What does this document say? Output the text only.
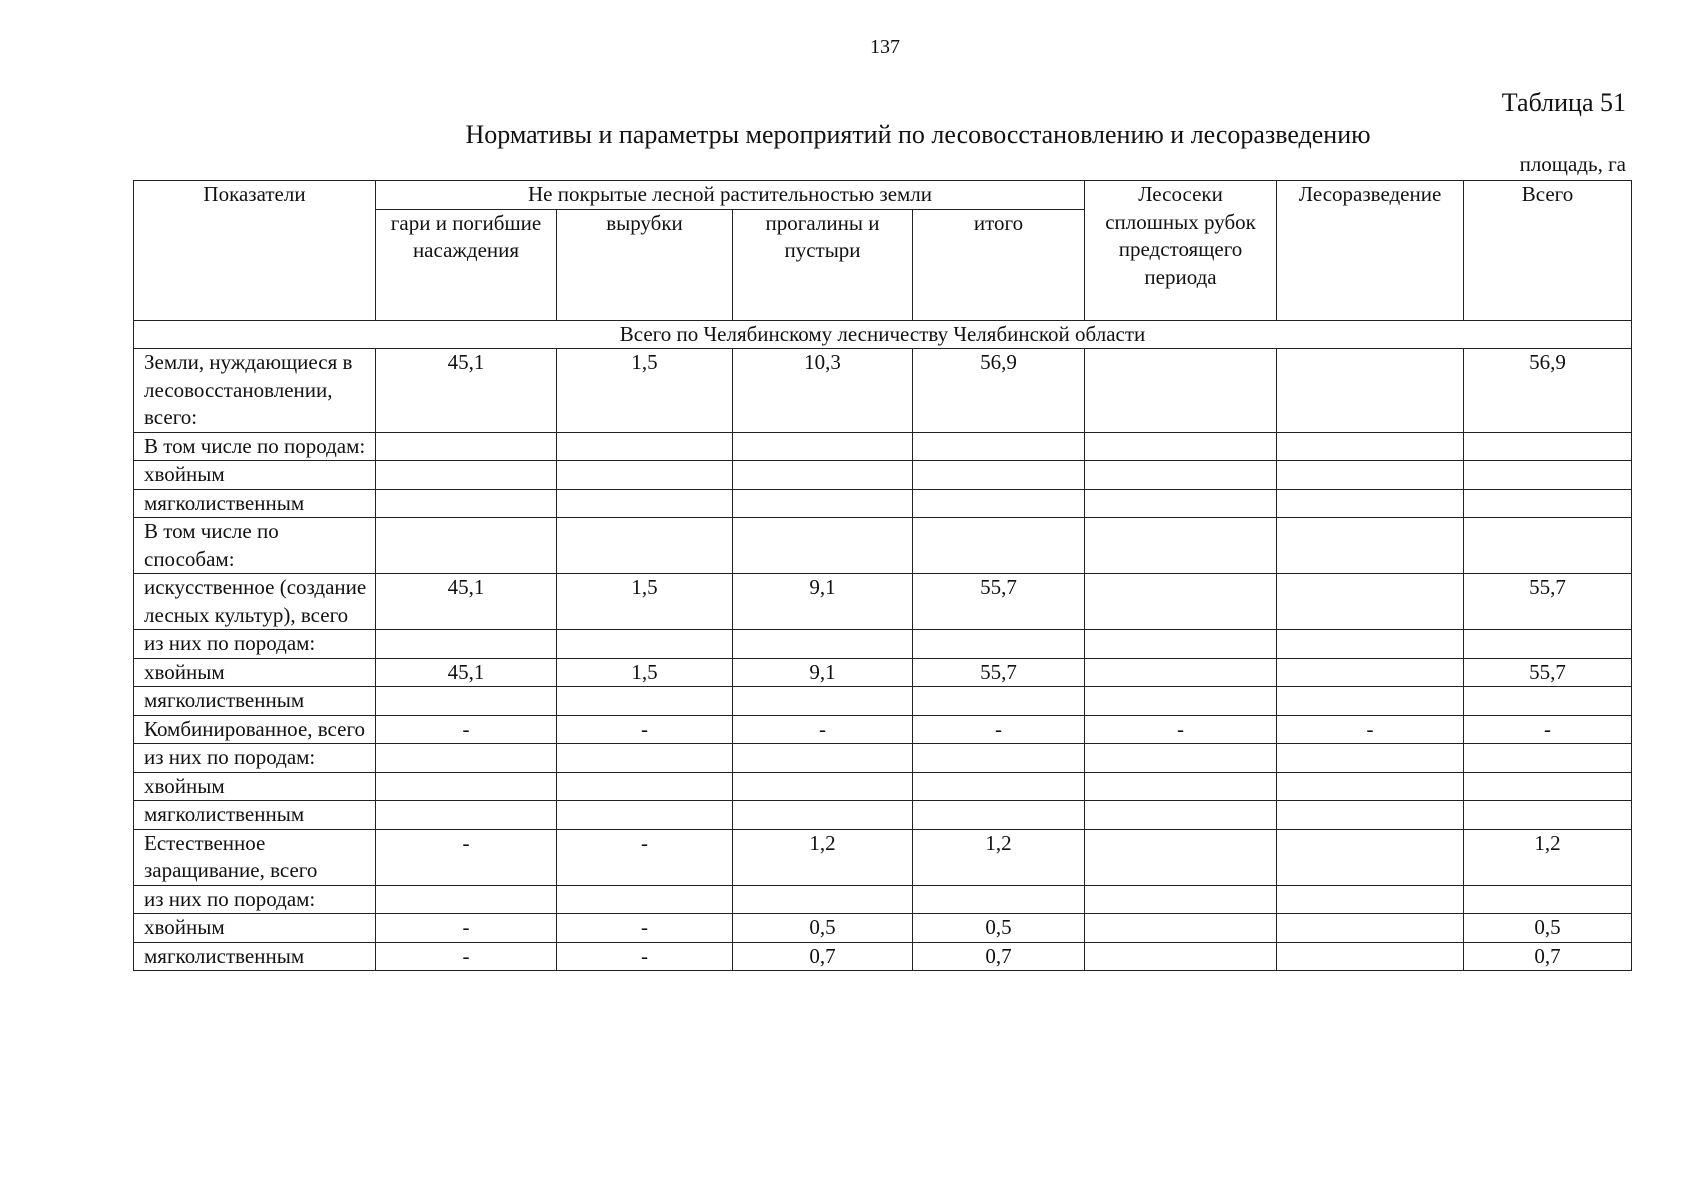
137
Таблица 51
Нормативы и параметры мероприятий по лесовосстановлению и лесоразведению
площадь, га
Показатели	Не покрытые лесной растительностью земли				Лесосеки сплошных рубок предстоящего периода	Лесоразведение	Всего
	гари и погибшие насаждения	вырубки	прогалины и пустыри	итого			
Всего по Челябинскому лесничеству Челябинской области							
Земли, нуждающиеся в лесовосстановлении, всего:	45,1	1,5	10,3	56,9			56,9
В том числе по породам:							
хвойным							
мягколиственным							
В том числе по способам:							
искусственное (создание лесных культур), всего	45,1	1,5	9,1	55,7			55,7
из них по породам:							
хвойным	45,1	1,5	9,1	55,7			55,7
мягколиственным							
Комбинированное, всего	-	-	-	-	-	-	-
из них по породам:							
хвойным							
мягколиственным							
Естественное заращивание, всего	-	-	1,2	1,2			1,2
из них по породам:							
хвойным	-	-	0,5	0,5			0,5
мягколиственным	-	-	0,7	0,7			0,7
